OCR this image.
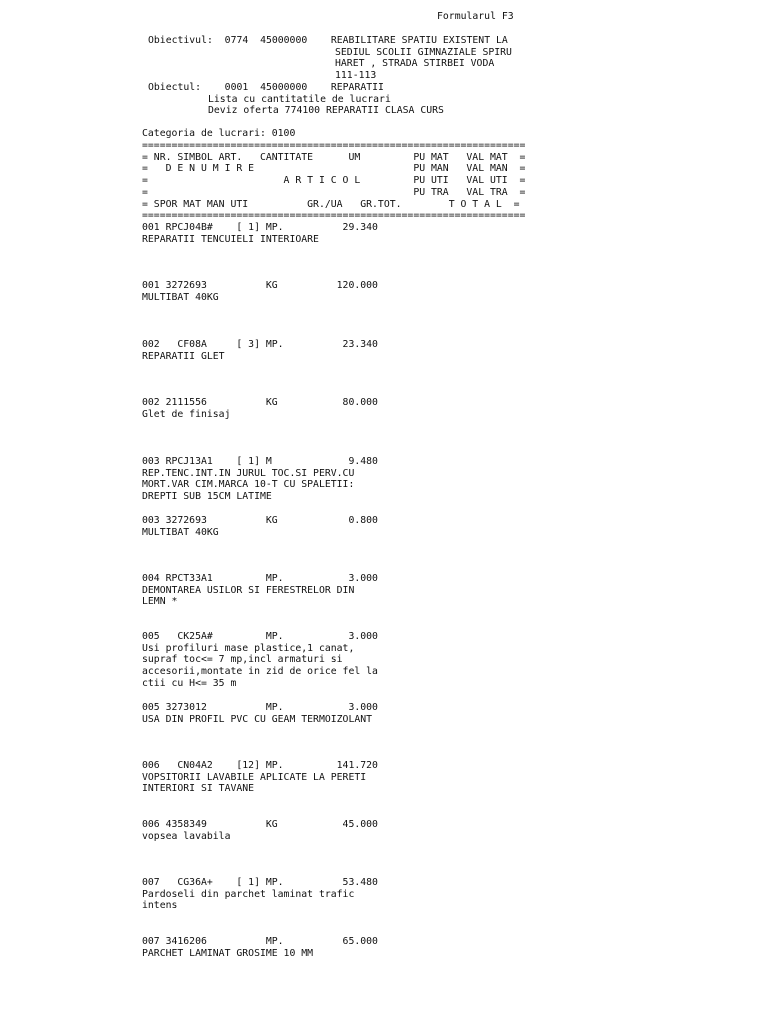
Formularul F3
Obiectivul:  0774  45000000    REABILITARE SPATIU EXISTENT LA
SEDIUL SCOLII GIMNAZIALE SPIRU
HARET , STRADA STIRBEI VODA
111-113
Obiectul:    0001  45000000    REPARATII
Lista cu cantitatile de lucrari
Deviz oferta 774100 REPARATII CLASA CURS
Categoria de lucrari: 0100
=================================================================
= NR. SIMBOL ART.   CANTITATE      UM         PU MAT   VAL MAT  =
=   D E N U M I R E                           PU MAN   VAL MAN  =
=                       A R T I C O L         PU UTI   VAL UTI  =
=                                             PU TRA   VAL TRA  =
= SPOR MAT MAN UTI          GR./UA   GR.TOT.        T O T A L  =
=================================================================
001 RPCJ04B#    [ 1] MP.          29.340
REPARATII TENCUIELI INTERIOARE
001 3272693          KG          120.000
MULTIBAT 40KG
002   CF08A     [ 3] MP.          23.340
REPARATII GLET
002 2111556          KG           80.000
Glet de finisaj
003 RPCJ13A1    [ 1] M             9.480
REP.TENC.INT.IN JURUL TOC.SI PERV.CU
MORT.VAR CIM.MARCA 10-T CU SPALETII:
DREPTI SUB 15CM LATIME
003 3272693          KG            0.800
MULTIBAT 40KG
004 RPCT33A1         MP.           3.000
DEMONTAREA USILOR SI FERESTRELOR DIN
LEMN *
005   CK25A#         MP.           3.000
Usi profiluri mase plastice,1 canat,
supraf toc<= 7 mp,incl armaturi si
accesorii,montate in zid de orice fel la
ctii cu H<= 35 m
005 3273012          MP.           3.000
USA DIN PROFIL PVC CU GEAM TERMOIZOLANT
006   CN04A2    [12] MP.         141.720
VOPSITORII LAVABILE APLICATE LA PERETI
INTERIORI SI TAVANE
006 4358349          KG           45.000
vopsea lavabila
007   CG36A+    [ 1] MP.          53.480
Pardoseli din parchet laminat trafic
intens
007 3416206          MP.          65.000
PARCHET LAMINAT GROSIME 10 MM
